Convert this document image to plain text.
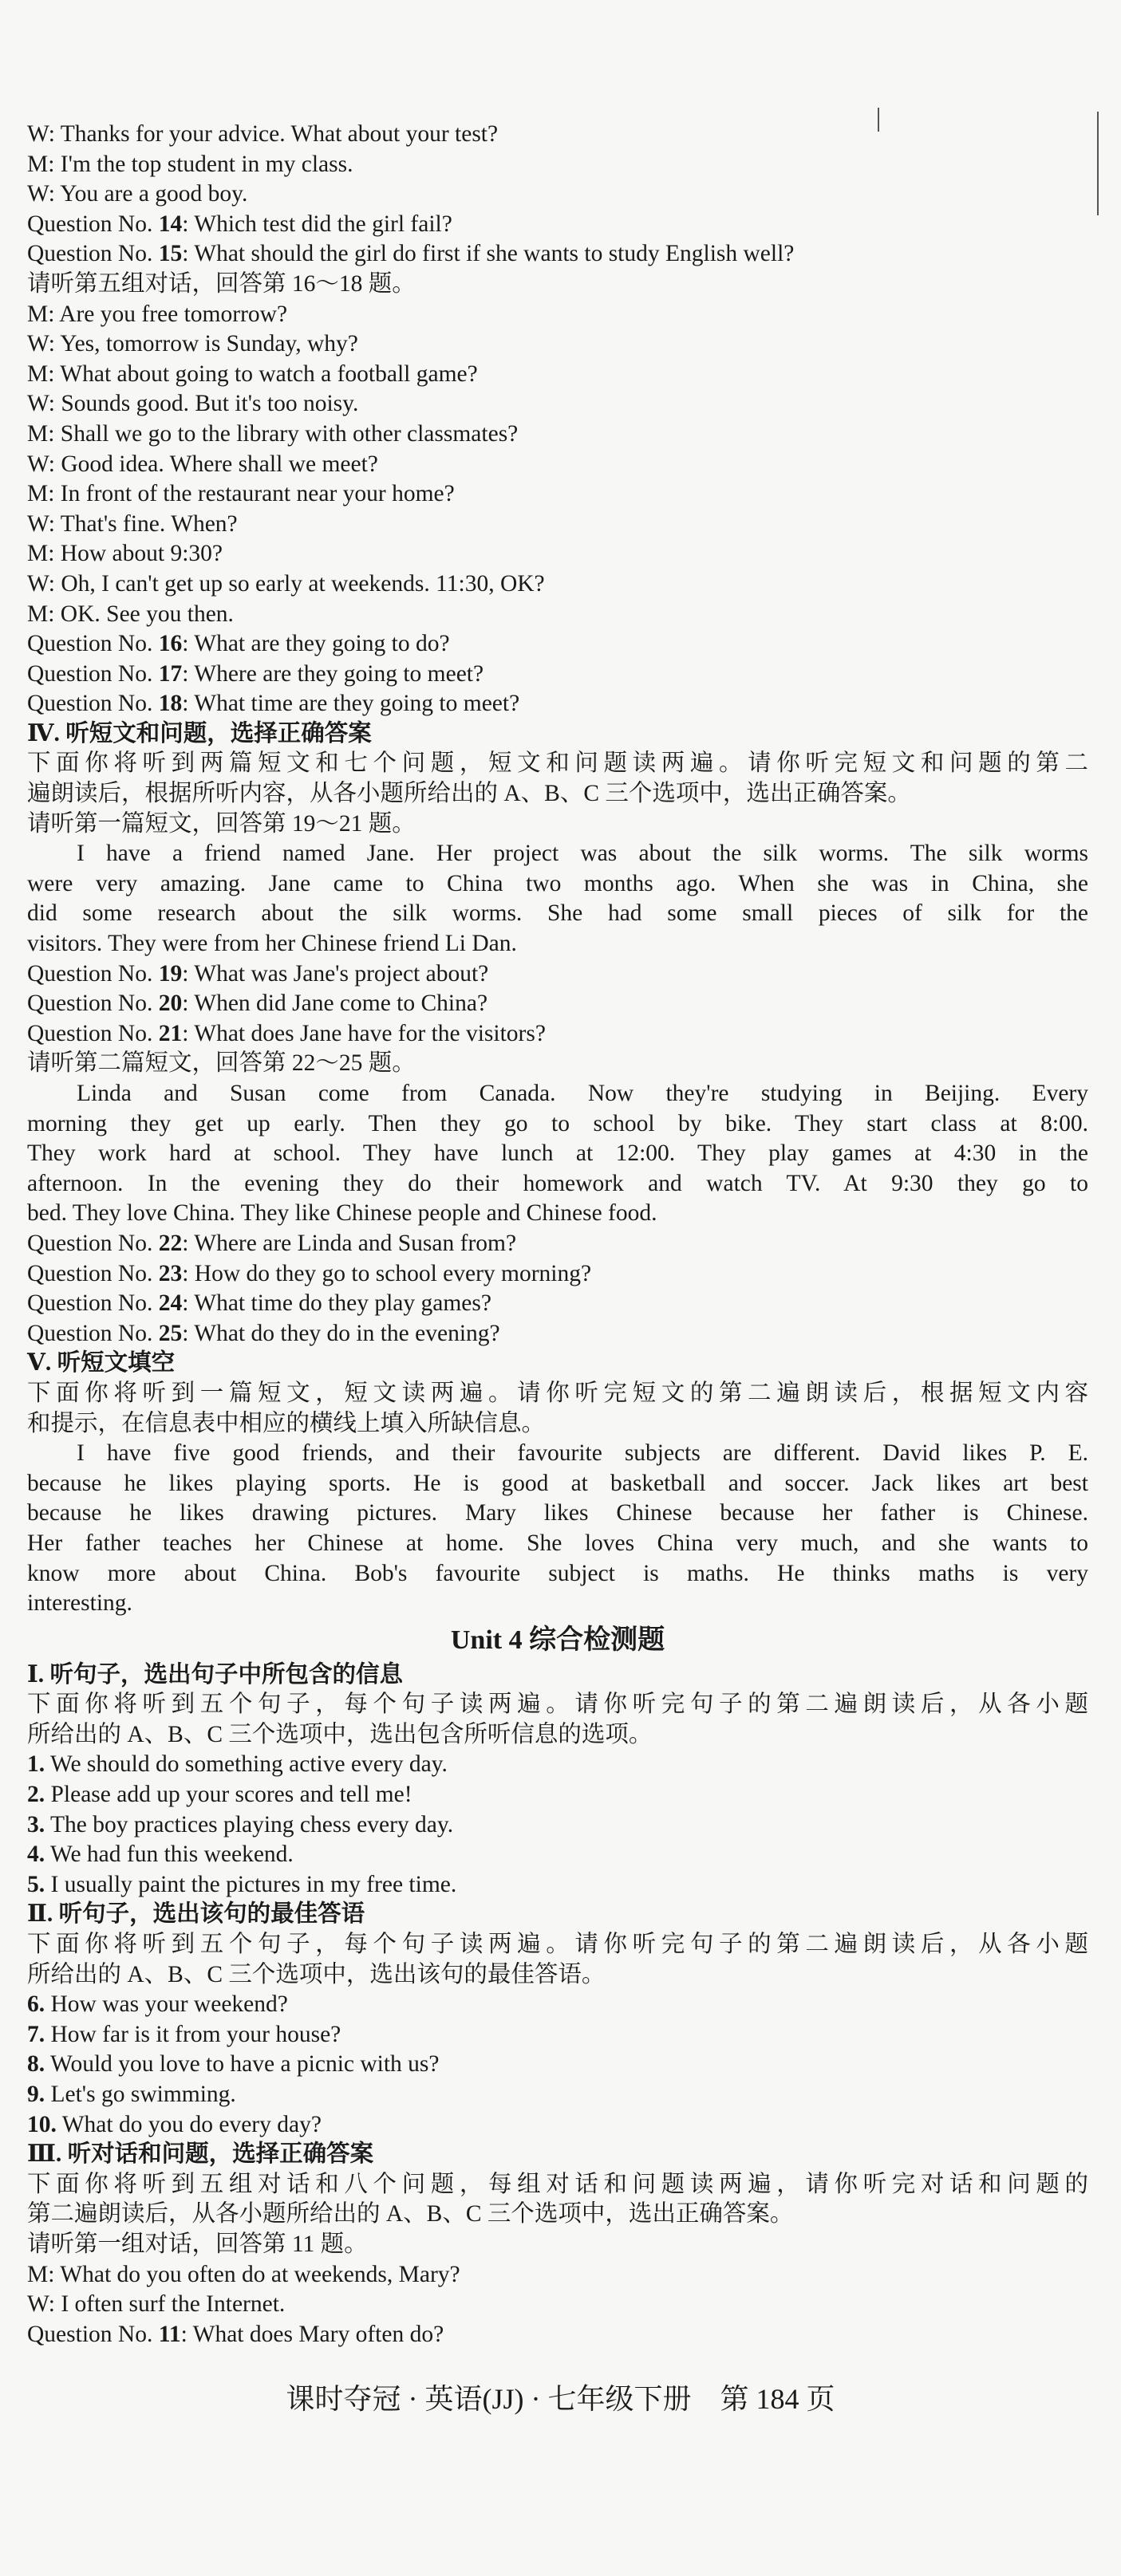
W: Thanks for your advice. What about your test?
M: I'm the top student in my class.
W: You are a good boy.
Question No. 14: Which test did the girl fail?
Question No. 15: What should the girl do first if she wants to study English well?
请听第五组对话，回答第 16～18 题。
M: Are you free tomorrow?
W: Yes, tomorrow is Sunday, why?
M: What about going to watch a football game?
W: Sounds good. But it's too noisy.
M: Shall we go to the library with other classmates?
W: Good idea. Where shall we meet?
M: In front of the restaurant near your home?
W: That's fine. When?
M: How about 9:30?
W: Oh, I can't get up so early at weekends. 11:30, OK?
M: OK. See you then.
Question No. 16: What are they going to do?
Question No. 17: Where are they going to meet?
Question No. 18: What time are they going to meet?
Ⅳ. 听短文和问题，选择正确答案
下面你将听到两篇短文和七个问题，短文和问题读两遍。请你听完短文和问题的第二
遍朗读后，根据所听内容，从各小题所给出的 A、B、C 三个选项中，选出正确答案。
请听第一篇短文，回答第 19～21 题。
I have a friend named Jane. Her project was about the silk worms. The silk worms
were very amazing. Jane came to China two months ago. When she was in China, she
did some research about the silk worms. She had some small pieces of silk for the
visitors. They were from her Chinese friend Li Dan.
Question No. 19: What was Jane's project about?
Question No. 20: When did Jane come to China?
Question No. 21: What does Jane have for the visitors?
请听第二篇短文，回答第 22～25 题。
Linda and Susan come from Canada. Now they're studying in Beijing. Every
morning they get up early. Then they go to school by bike. They start class at 8:00.
They work hard at school. They have lunch at 12:00. They play games at 4:30 in the
afternoon. In the evening they do their homework and watch TV. At 9:30 they go to
bed. They love China. They like Chinese people and Chinese food.
Question No. 22: Where are Linda and Susan from?
Question No. 23: How do they go to school every morning?
Question No. 24: What time do they play games?
Question No. 25: What do they do in the evening?
Ⅴ. 听短文填空
下面你将听到一篇短文，短文读两遍。请你听完短文的第二遍朗读后，根据短文内容
和提示，在信息表中相应的横线上填入所缺信息。
I have five good friends, and their favourite subjects are different. David likes P. E.
because he likes playing sports. He is good at basketball and soccer. Jack likes art best
because he likes drawing pictures. Mary likes Chinese because her father is Chinese.
Her father teaches her Chinese at home. She loves China very much, and she wants to
know more about China. Bob's favourite subject is maths. He thinks maths is very
interesting.
Unit 4 综合检测题
Ⅰ. 听句子，选出句子中所包含的信息
下面你将听到五个句子，每个句子读两遍。请你听完句子的第二遍朗读后，从各小题
所给出的 A、B、C 三个选项中，选出包含所听信息的选项。
1. We should do something active every day.
2. Please add up your scores and tell me!
3. The boy practices playing chess every day.
4. We had fun this weekend.
5. I usually paint the pictures in my free time.
Ⅱ. 听句子，选出该句的最佳答语
下面你将听到五个句子，每个句子读两遍。请你听完句子的第二遍朗读后，从各小题
所给出的 A、B、C 三个选项中，选出该句的最佳答语。
6. How was your weekend?
7. How far is it from your house?
8. Would you love to have a picnic with us?
9. Let's go swimming.
10. What do you do every day?
Ⅲ. 听对话和问题，选择正确答案
下面你将听到五组对话和八个问题，每组对话和问题读两遍，请你听完对话和问题的
第二遍朗读后，从各小题所给出的 A、B、C 三个选项中，选出正确答案。
请听第一组对话，回答第 11 题。
M: What do you often do at weekends, Mary?
W: I often surf the Internet.
Question No. 11: What does Mary often do?
课时夺冠 · 英语(JJ) · 七年级下册　第 184 页
